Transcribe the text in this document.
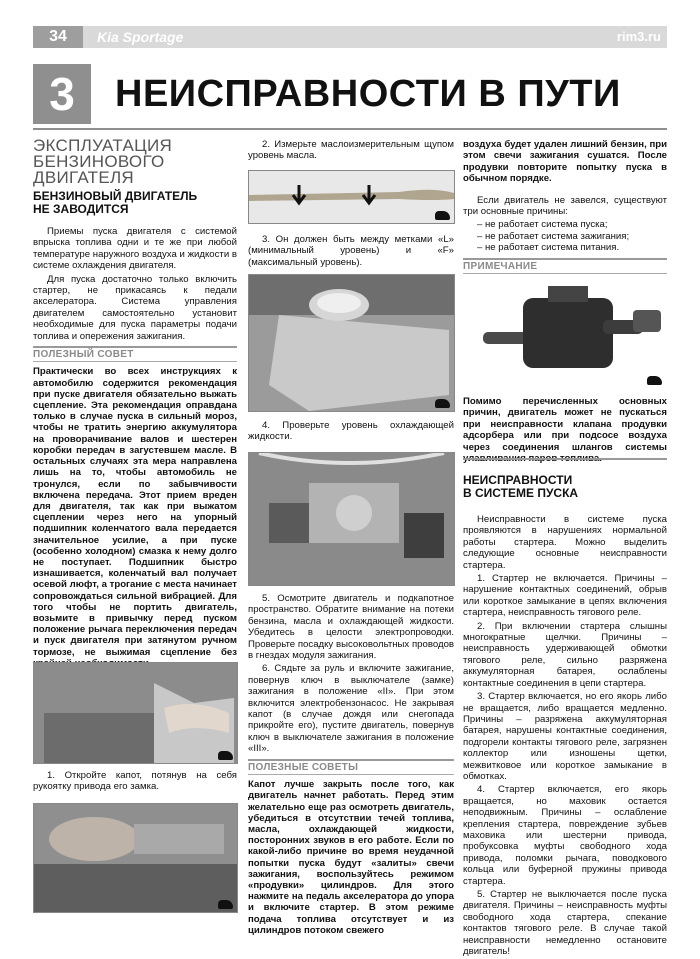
34	Kia Sportage	rim3.ru
3	НЕИСПРАВНОСТИ В ПУТИ
ЭКСПЛУАТАЦИЯ
БЕНЗИНОВОГО
ДВИГАТЕЛЯ
БЕНЗИНОВЫЙ ДВИГАТЕЛЬ
НЕ ЗАВОДИТСЯ

Приемы пуска двигателя с системой впрыска топлива одни и те же при любой температуре наружного воздуха и жидкости в системе охлаждения двигателя.

Для пуска достаточно только включить стартер, не прикасаясь к педали акселератора. Система управления двигателем самостоятельно установит необходимые для пуска параметры подачи топлива и опережения зажигания.

ПОЛЕЗНЫЙ СОВЕТ

Практически во всех инструкциях к автомобилю содержится рекомендация при пуске двигателя обязательно выжать сцепление. Эта рекомендация оправдана только в случае пуска в сильный мороз, чтобы не тратить энергию аккумулятора на проворачивание валов и шестерен коробки передач в загустевшем масле. В остальных случаях эта мера направлена лишь на то, чтобы автомобиль не тронулся, если по забывчивости включена передача. Этот прием вреден для двигателя, так как при выжатом сцеплении через него на упорный подшипник коленчатого вала передается значительное усилие, а при пуске (особенно холодном) смазка к нему долго не поступает. Подшипник быстро изнашивается, коленчатый вал получает осевой люфт, а трогание с места начинает сопровождаться сильной вибрацией. Для того чтобы не портить двигатель, возьмите в привычку перед пуском положение рычага переключения передач и пуск двигателя при затянутом ручном тормозе, не выжимая сцепление без

1. Откройте капот, потянув на себя рукоятку привода его замка.

2. Измерьте маслоизмерительным щупом уровень масла.

3. Он должен быть между метками «L» (минимальный уровень) и «F» (максимальный уровень).

4. Проверьте уровень охлаждающей жидкости.

5. Осмотрите двигатель и подкапотное пространство. Обратите внимание на потеки бензина, масла и охлаждающей жидкости. Убедитесь в целости электропроводки. Проверьте посадку высоковольтных проводов в гнездах модуля зажигания.

6. Сядьте за руль и включите зажигание, повернув ключ в выключателе (замке) зажигания в положение «II». При этом включится электробензонасос. Не закрывая капот (в случае дождя или снегопада прикройте его), пустите двигатель, повернув ключ в выключателе зажигания в положение «III».

ПОЛЕЗНЫЕ СОВЕТЫ

Капот лучше закрыть после того, как двигатель начнет работать. Перед этим желательно еще раз осмотреть двигатель, убедиться в отсутствии течей топлива, масла, охлаждающей жидкости, посторонних звуков в его работе. Если по какой-либо причине во время неудачной попытки пуска будут «залиты» свечи зажигания, воспользуйтесь режимом «продувки» цилиндров. Для этого нажмите на педаль акселератора до упора и включите стартер. В этом режиме подача топлива отсутствует и из цилиндров потоком свежего

воздуха будет удален лишний бензин, при этом свечи зажигания сушатся. После продувки повторите попытку пуска в обычном порядке.

Если двигатель не завелся, существуют три основные причины:

– не работает система пуска;
– не работает система зажигания;
– не работает система питания.
ПРИМЕЧАНИЕ

Помимо перечисленных основных причин, двигатель может не пускаться при неисправности клапана продувки адсорбера или при подсосе воздуха через соединения шлангов системы

НЕИСПРАВНОСТИ
В СИСТЕМЕ ПУСКА

Неисправности в системе пуска проявляются в нарушениях нормальной работы стартера. Можно выделить следующие основные неисправности стартера.

1. Стартер не включается. Причины – нарушение контактных соединений, обрыв или короткое замыкание в цепях включения стартера, неисправность тягового реле.

2. При включении стартера слышны многократные щелчки. Причины – неисправность удерживающей обмотки тягового реле, сильно разряжена аккумуляторная батарея, ослаблены контактные соединения в цепи стартера.

3. Стартер включается, но его якорь либо не вращается, либо вращается медленно. Причины – разряжена аккумуляторная батарея, нарушены контактные соединения, подгорели контакты тягового реле, загрязнен коллектор или изношены щетки, межвитковое или короткое замыкание в обмотках.

4. Стартер включается, его якорь вращается, но маховик остается неподвижным. Причины – ослабление крепления стартера, повреждение зубьев маховика или шестерни привода, пробуксовка муфты свободного хода привода, поломки рычага, поводкового кольца или буферной пружины привода стартера.

5. Стартер не выключается после пуска двигателя. Причины – неисправность муфты свободного хода стартера, спекание контактов тягового реле. В случае такой неисправности немедленно остановите двигатель!
